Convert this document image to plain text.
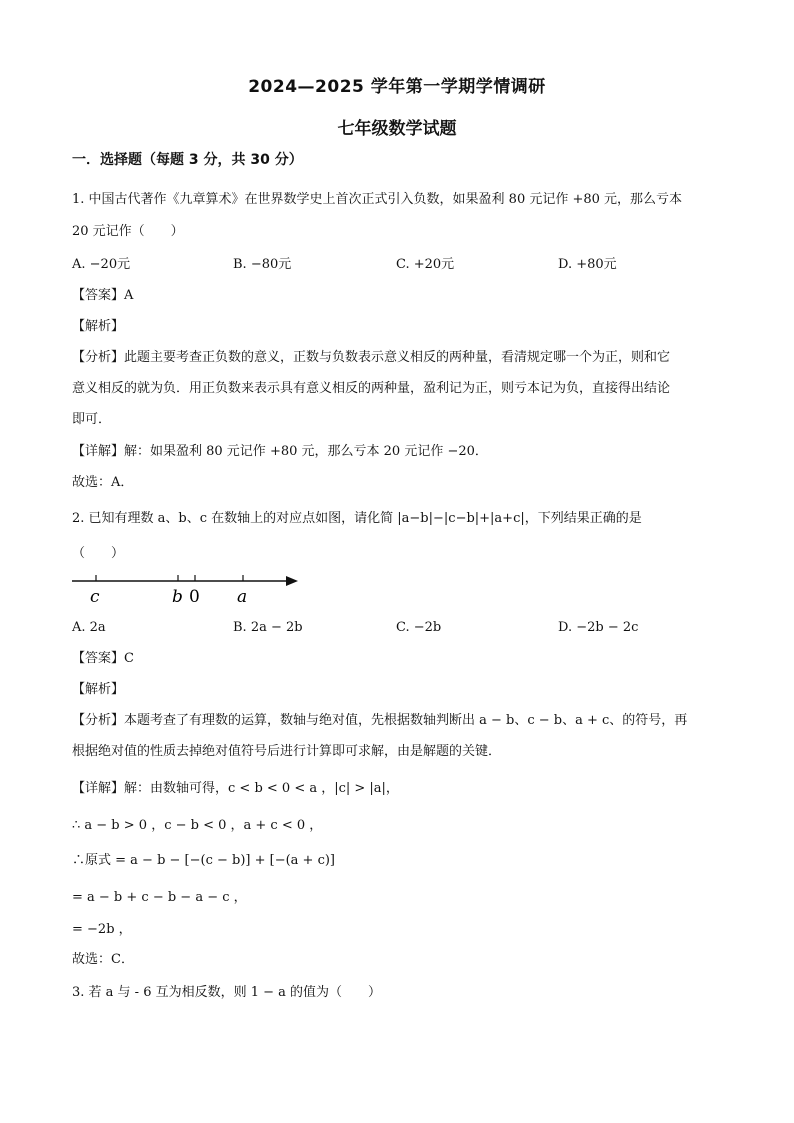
2024—2025 学年第一学期学情调研
七年级数学试题
一．选择题（每题 3 分，共 30 分）
1. 中国古代著作《九章算术》在世界数学史上首次正式引入负数，如果盈利 80 元记作 +80 元，那么亏本
20 元记作（　　）
A. −20元	B. −80元	C. +20元	D. +80元
【答案】A
【解析】
【分析】此题主要考查正负数的意义，正数与负数表示意义相反的两种量，看清规定哪一个为正，则和它
意义相反的就为负．用正负数来表示具有意义相反的两种量，盈利记为正，则亏本记为负，直接得出结论
即可．
【详解】解：如果盈利 80 元记作 +80 元，那么亏本 20 元记作 −20．
故选：A．
2. 已知有理数 a、b、c 在数轴上的对应点如图，请化简 |a−b|−|c−b|+|a+c|，下列结果正确的是
（　　）
c	b 0 a
A. 2a	B. 2a − 2b	C. −2b	D. −2b − 2c
【答案】C
【解析】
【分析】本题考查了有理数的运算，数轴与绝对值，先根据数轴判断出 a − b、c − b、a + c、的符号，再
根据绝对值的性质去掉绝对值符号后进行计算即可求解，由是解题的关键．
【详解】解：由数轴可得，c < b < 0 < a ，|c| > |a|，
∴ a − b > 0 ，c − b < 0 ，a + c < 0 ，
∴原式 = a − b − [−(c − b)] + [−(a + c)]
= a − b + c − b − a − c ，
= −2b ，
故选：C．
3. 若 a 与 - 6 互为相反数，则 1 − a 的值为（　　）
